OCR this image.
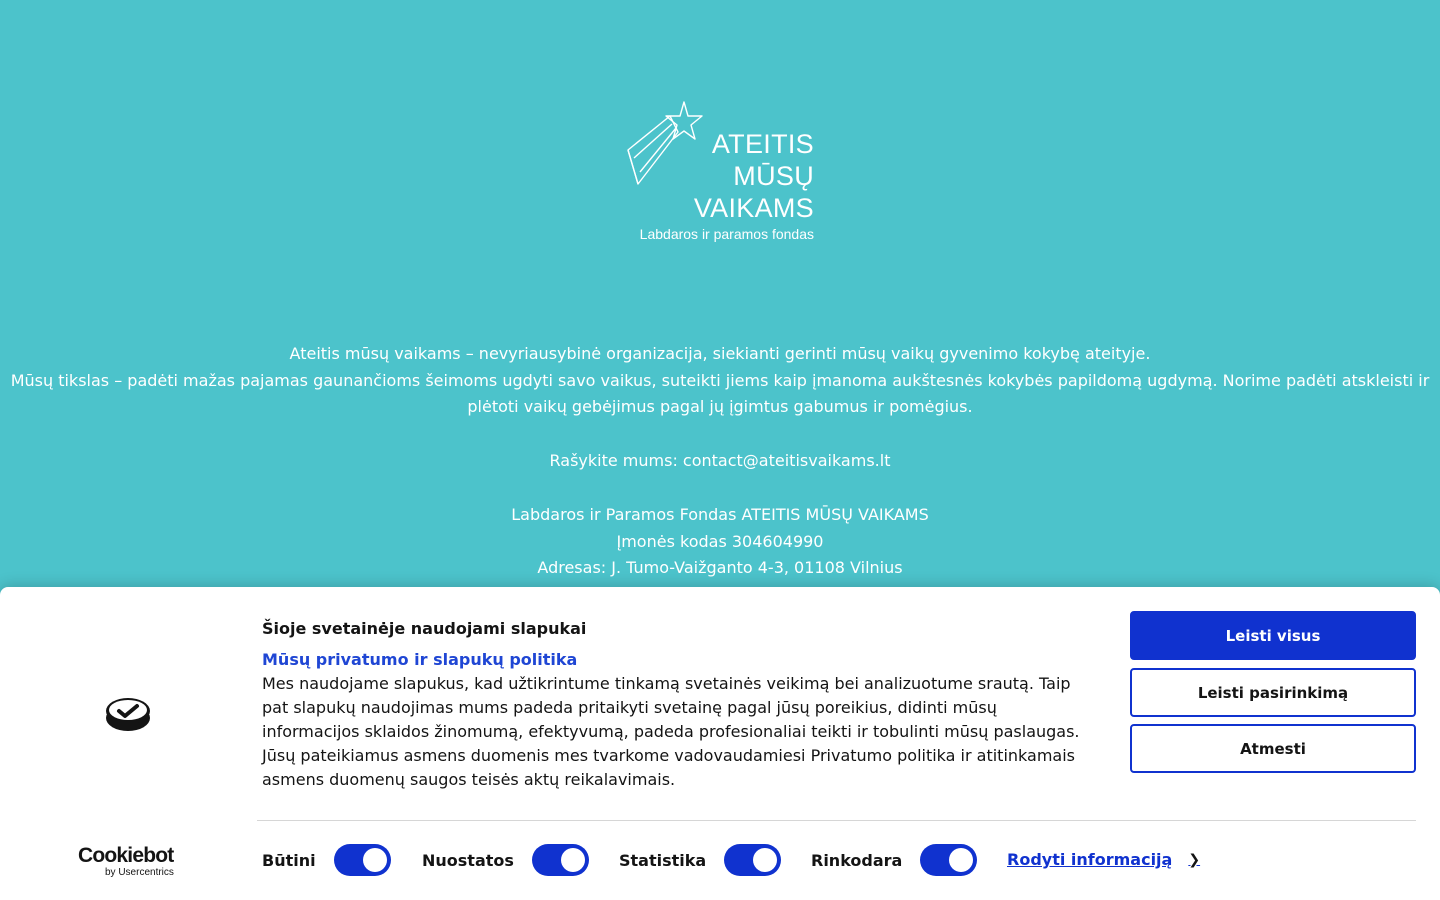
ATEITIS
MŪSŲ
VAIKAMS
Labdaros ir paramos fondas

Ateitis mūsų vaikams – nevyriausybinė organizacija, siekianti gerinti mūsų vaikų gyvenimo kokybę ateityje.

Mūsų tikslas – padėti mažas pajamas gaunančioms šeimoms ugdyti savo vaikus, suteikti jiems kaip įmanoma aukštesnės kokybės papildomą ugdymą. Norime padėti atskleisti ir

plėtoti vaikų gebėjimus pagal jų įgimtus gabumus ir pomėgius.

Rašykite mums: contact@ateitisvaikams.lt

Labdaros ir Paramos Fondas ATEITIS MŪSŲ VAIKAMS

Įmonės kodas 304604990

Adresas: J. Tumo-Vaižganto 4-3, 01108 Vilnius

Cookiebot
by Usercentrics
Šioje svetainėje naudojami slapukai
Mūsų privatumo ir slapukų politika
Mes naudojame slapukus, kad užtikrintume tinkamą svetainės veikimą bei analizuotume srautą. Taip
pat slapukų naudojimas mums padeda pritaikyti svetainę pagal jūsų poreikius, didinti mūsų
informacijos sklaidos žinomumą, efektyvumą, padeda profesionaliai teikti ir tobulinti mūsų paslaugas.
Jūsų pateikiamus asmens duomenis mes tvarkome vadovaudamiesi Privatumo politika ir atitinkamais
asmens duomenų saugos teisės aktų reikalavimais.
Leisti visus
Leisti pasirinkimą
Atmesti
Būtini	Nuostatos	Statistika	Rinkodara	Rodyti informaciją ❯
